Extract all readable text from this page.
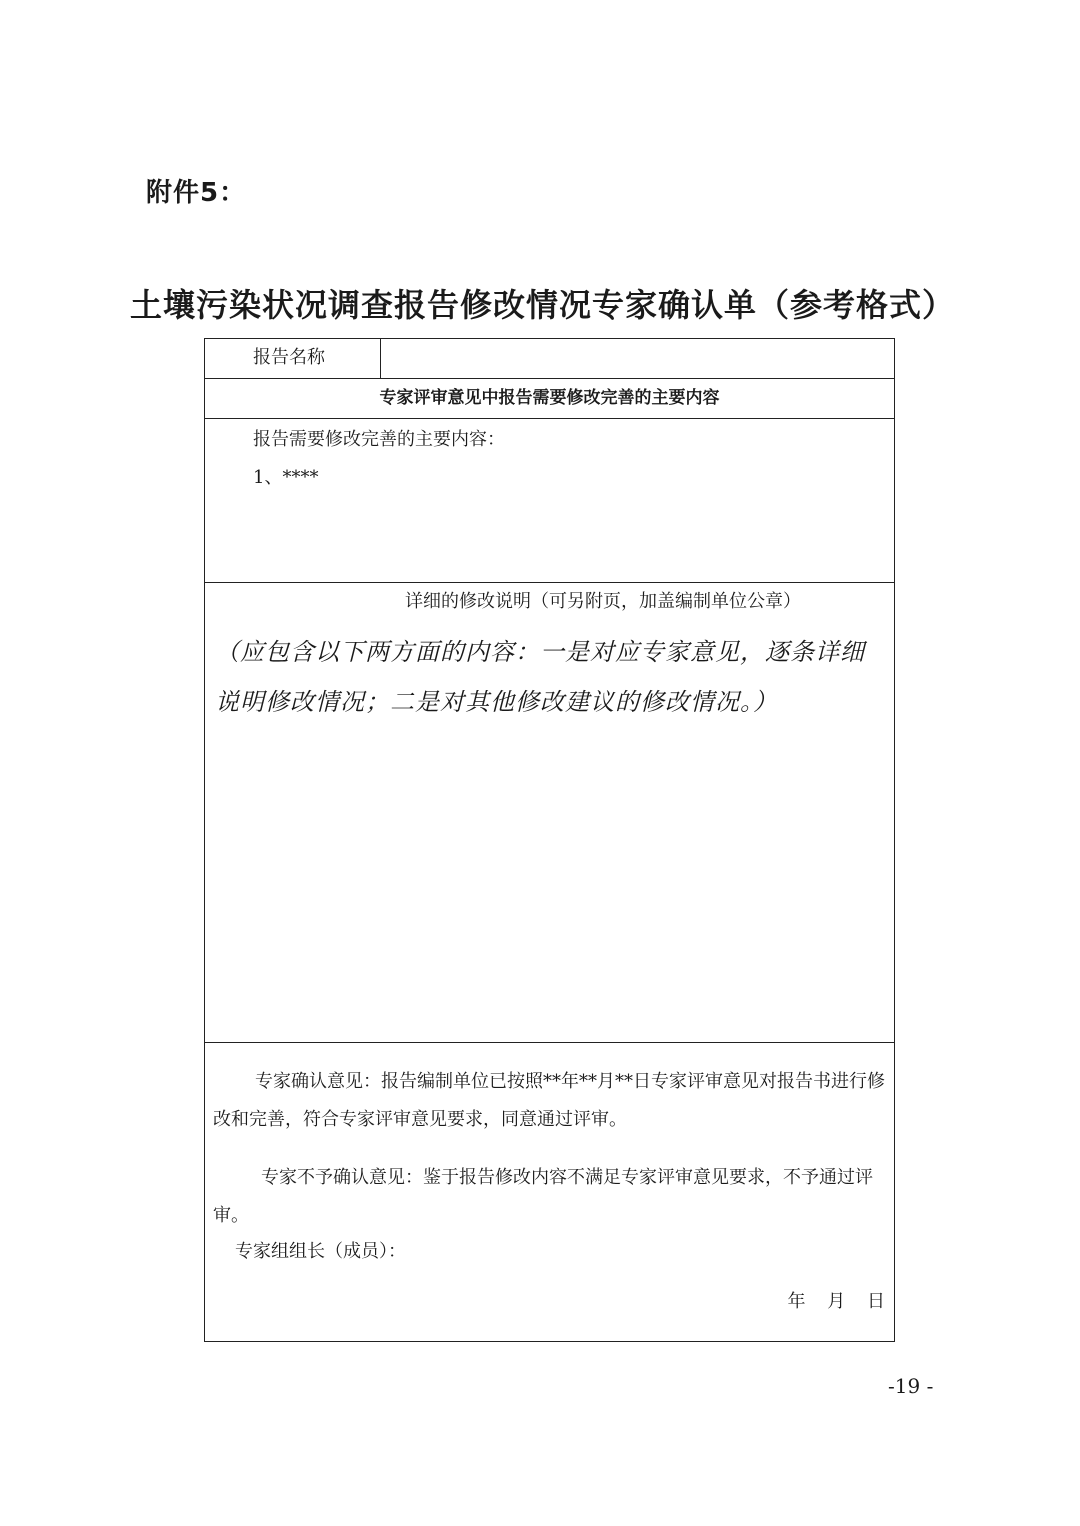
附件5：
土壤污染状况调查报告修改情况专家确认单（参考格式）
报告名称
专家评审意见中报告需要修改完善的主要内容
报告需要修改完善的主要内容：
1、****
详细的修改说明（可另附页，加盖编制单位公章）
（应包含以下两方面的内容：一是对应专家意见，逐条详细说明修改情况；二是对其他修改建议的修改情况。）
专家确认意见：报告编制单位已按照**年**月**日专家评审意见对报告书进行修改和完善，符合专家评审意见要求，同意通过评审。
专家不予确认意见：鉴于报告修改内容不满足专家评审意见要求，不予通过评审。
专家组组长（成员）：
年 月 日
-19 -
